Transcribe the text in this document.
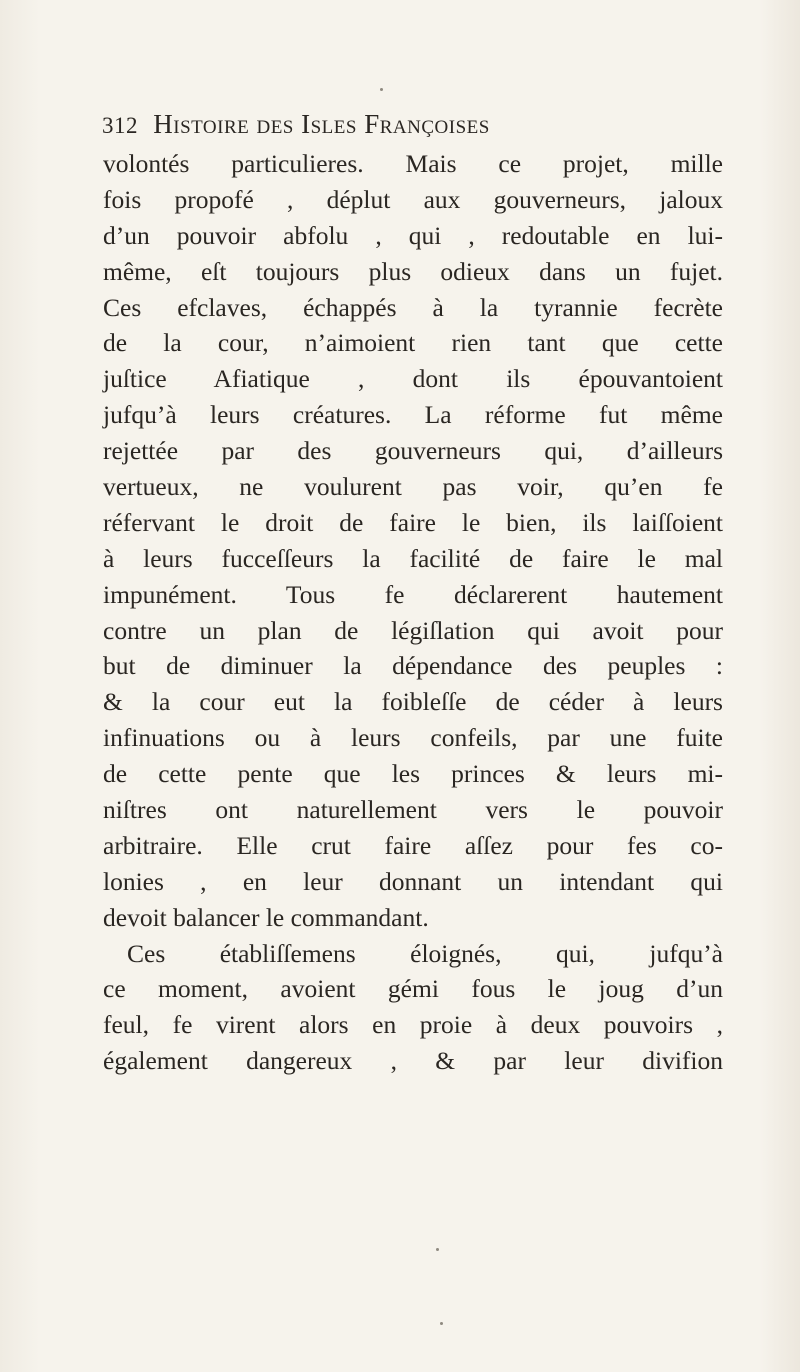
312 Histoire des Isles Françoises
volontés particulieres. Mais ce projet, mille
fois propofé , déplut aux gouverneurs, jaloux
d’un pouvoir abfolu , qui , redoutable en lui-
même, eſt toujours plus odieux dans un fujet.
Ces efclaves, échappés à la tyrannie fecrète
de la cour, n’aimoient rien tant que cette
juſtice Afiatique , dont ils épouvantoient
jufqu’à leurs créatures. La réforme fut même
rejettée par des gouverneurs qui, d’ailleurs
vertueux, ne voulurent pas voir, qu’en fe
réfervant le droit de faire le bien, ils laiſſoient
à leurs fucceſſeurs la facilité de faire le mal
impunément. Tous fe déclarerent hautement
contre un plan de légiſlation qui avoit pour
but de diminuer la dépendance des peuples :
& la cour eut la foibleſſe de céder à leurs
infinuations ou à leurs confeils, par une fuite
de cette pente que les princes & leurs mi-
niſtres ont naturellement vers le pouvoir
arbitraire. Elle crut faire aſſez pour fes co-
lonies , en leur donnant un intendant qui
devoit balancer le commandant.
Ces établiſſemens éloignés, qui, jufqu’à
ce moment, avoient gémi fous le joug d’un
feul, fe virent alors en proie à deux pouvoirs ,
également dangereux , & par leur divifion
